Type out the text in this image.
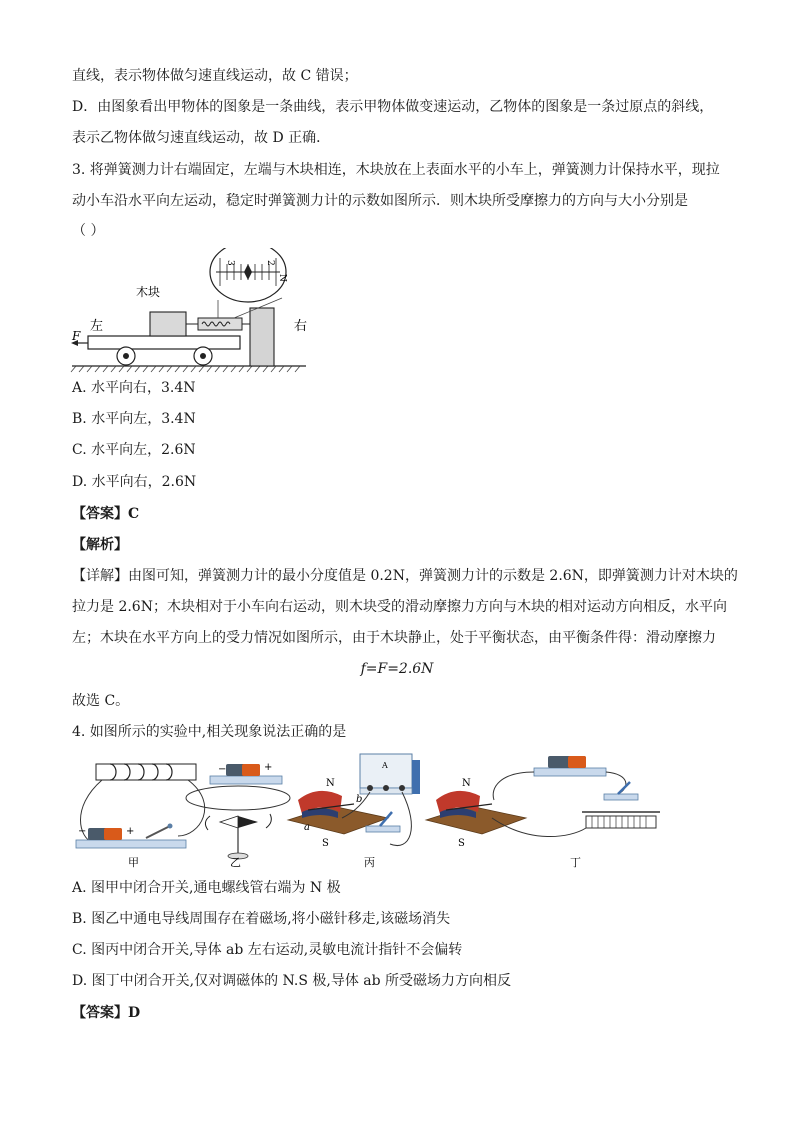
直线，表示物体做匀速直线运动，故 C 错误；
D．由图象看出甲物体的图象是一条曲线，表示甲物体做变速运动，乙物体的图象是一条过原点的斜线，
表示乙物体做匀速直线运动，故 D 正确．
3. 将弹簧测力计右端固定，左端与木块相连，木块放在上表面水平的小车上，弹簧测力计保持水平，现拉
动小车沿水平向左运动，稳定时弹簧测力计的示数如图所示．则木块所受摩擦力的方向与大小分别是
（ ）
F
左	右
木块
3	2
N
A. 水平向右，3.4N
B. 水平向左，3.4N
C. 水平向左，2.6N
D. 水平向右，2.6N
【答案】C
【解析】
【详解】由图可知，弹簧测力计的最小分度值是 0.2N，弹簧测力计的示数是 2.6N，即弹簧测力计对木块的
拉力是 2.6N；木块相对于小车向右运动，则木块受的滑动摩擦力方向与木块的相对运动方向相反，水平向
左；木块在水平方向上的受力情况如图所示，由于木块静止，处于平衡状态，由平衡条件得：滑动摩擦力
f=F=2.6N
故选 C。
4. 如图所示的实验中,相关现象说法正确的是
−	+
甲
−	+
乙
N
S
a
b
A
丙
N
S
丁
A. 图甲中闭合开关,通电螺线管右端为 N 极
B. 图乙中通电导线周围存在着磁场,将小磁针移走,该磁场消失
C. 图丙中闭合开关,导体 ab 左右运动,灵敏电流计指针不会偏转
D. 图丁中闭合开关,仅对调磁体的 N.S 极,导体 ab 所受磁场力方向相反
【答案】D
